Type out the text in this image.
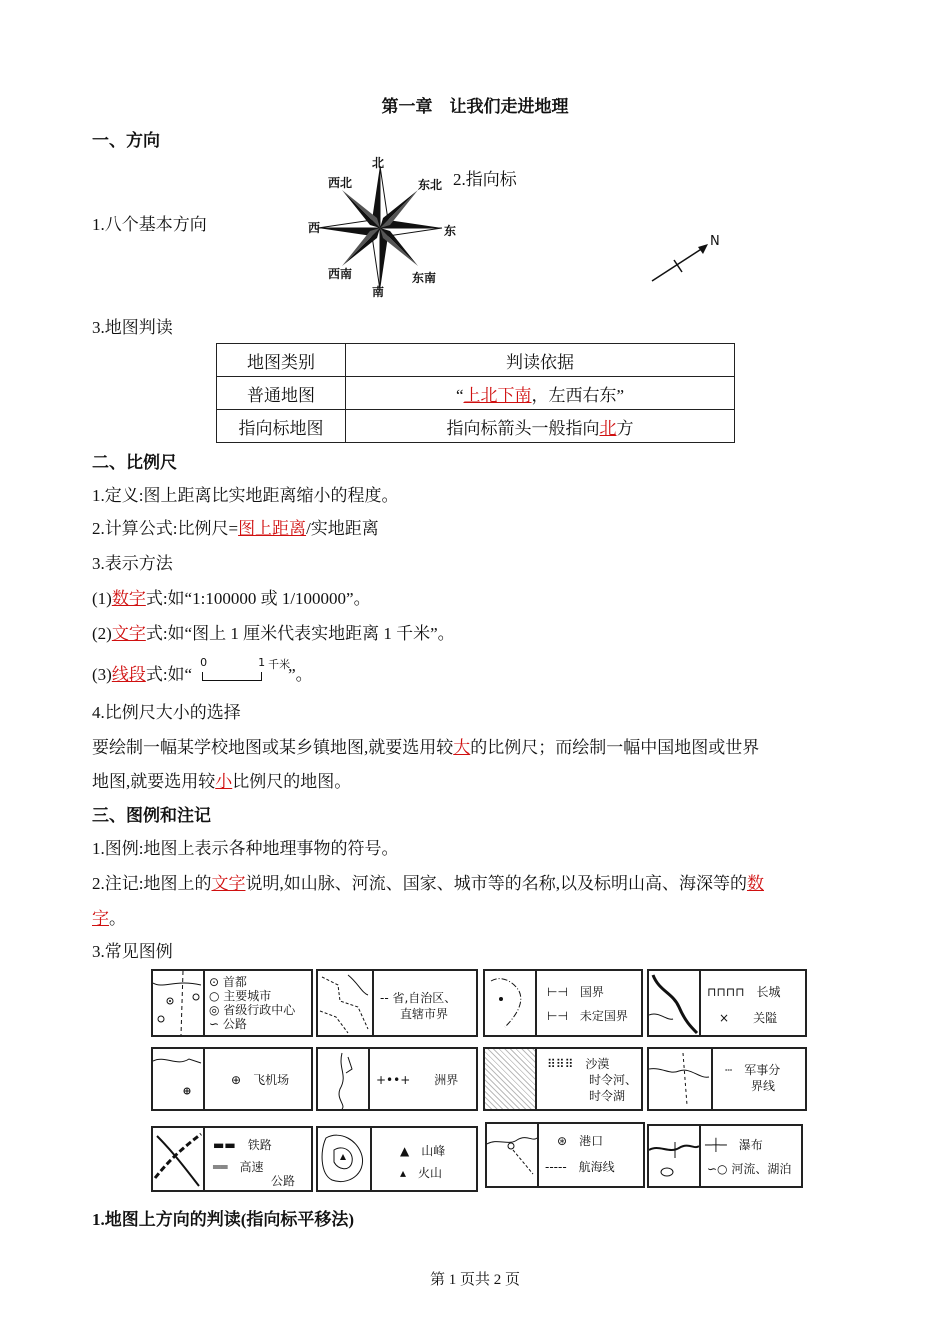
第一章　让我们走进地理
一、方向
1.八个基本方向
2.指向标
北
南
东
西
东北
西北
东南
西南
N
3.地图判读
地图类别	判读依据
普通地图	“上北下南，左西右东”
指向标地图	指向标箭头一般指向北方
二、比例尺
1.定义:图上距离比实地距离缩小的程度。
2.计算公式:比例尺=图上距离/实地距离
3.表示方法
(1)数字式:如“1:100000 或 1/100000”。
(2)文字式:如“图上 1 厘米代表实地距离 1 千米”。
(3)线段式:如“
0	1 千米
”。
4.比例尺大小的选择
要绘制一幅某学校地图或某乡镇地图,就要选用较大的比例尺；而绘制一幅中国地图或世界
地图,就要选用较小比例尺的地图。
三、图例和注记
1.图例:地图上表示各种地理事物的符号。
2.注记:地图上的文字说明,如山脉、河流、国家、城市等的名称,以及标明山高、海深等的数
字。
3.常见图例
⊙ 首都
○ 主要城市
◎ 省级行政中心
∽ 公路
-- 省,自治区、
直辖市界
⊢⊣　国界
⊢⊣　未定国界
⊓⊓⊓⊓　长城
×　　关隘
⊕　飞机场	+••+　　洲界
⠿⠿⠿　沙漠
时令河、
时令湖
┄　军事分
界线
▬▬　铁路
══　高速
公路
▲　山峰
▴　火山
⊛　港口
-----　航海线
─┼─　瀑布
∽○ 河流、湖泊
1.地图上方向的判读(指向标平移法)
第 1 页共 2 页
